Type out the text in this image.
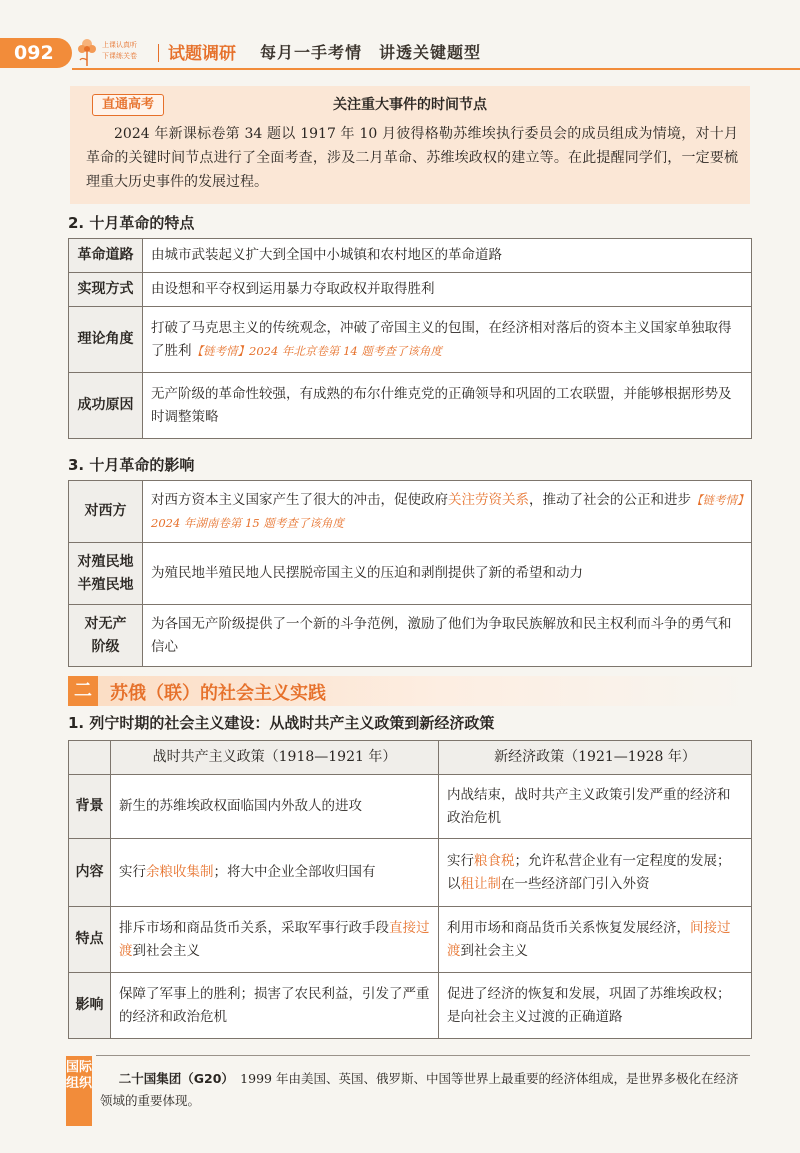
092	上课认真听
下课练关卷 试题调研 每月一手考情　讲透关键题型
关注重大事件的时间节点
直通高考
2024 年新课标卷第 34 题以 1917 年 10 月彼得格勒苏维埃执行委员会的成员组成为情境，对十月革命的关键时间节点进行了全面考查，涉及二月革命、苏维埃政权的建立等。在此提醒同学们，一定要梳理重大历史事件的发展过程。
2. 十月革命的特点
革命道路	由城市武装起义扩大到全国中小城镇和农村地区的革命道路
实现方式	由设想和平夺权到运用暴力夺取政权并取得胜利
理论角度	打破了马克思主义的传统观念，冲破了帝国主义的包围，在经济相对落后的资本主义国家单独取得了胜利【链考情】2024 年北京卷第 14 题考查了该角度
成功原因	无产阶级的革命性较强，有成熟的布尔什维克党的正确领导和巩固的工农联盟，并能够根据形势及时调整策略
3. 十月革命的影响
对西方	对西方资本主义国家产生了很大的冲击，促使政府关注劳资关系，推动了社会的公正和进步【链考情】2024 年湖南卷第 15 题考查了该角度
对殖民地
半殖民地	为殖民地半殖民地人民摆脱帝国主义的压迫和剥削提供了新的希望和动力
对无产
阶级	为各国无产阶级提供了一个新的斗争范例，激励了他们为争取民族解放和民主权利而斗争的勇气和信心
二	苏俄（联）的社会主义实践
1. 列宁时期的社会主义建设：从战时共产主义政策到新经济政策
	战时共产主义政策（1918—1921 年）	新经济政策（1921—1928 年）
背景	新生的苏维埃政权面临国内外敌人的进攻	内战结束，战时共产主义政策引发严重的经济和政治危机
内容	实行余粮收集制；将大中企业全部收归国有	实行粮食税；允许私营企业有一定程度的发展；以租让制在一些经济部门引入外资
特点	排斥市场和商品货币关系，采取军事行政手段直接过渡到社会主义	利用市场和商品货币关系恢复发展经济，间接过渡到社会主义
影响	保障了军事上的胜利；损害了农民利益，引发了严重的经济和政治危机	促进了经济的恢复和发展，巩固了苏维埃政权；是向社会主义过渡的正确道路
国际组织	二十国集团（G20）　 1999 年由美国、英国、俄罗斯、中国等世界上最重要的经济体组成，是世界多极化在经济领域的重要体现。
